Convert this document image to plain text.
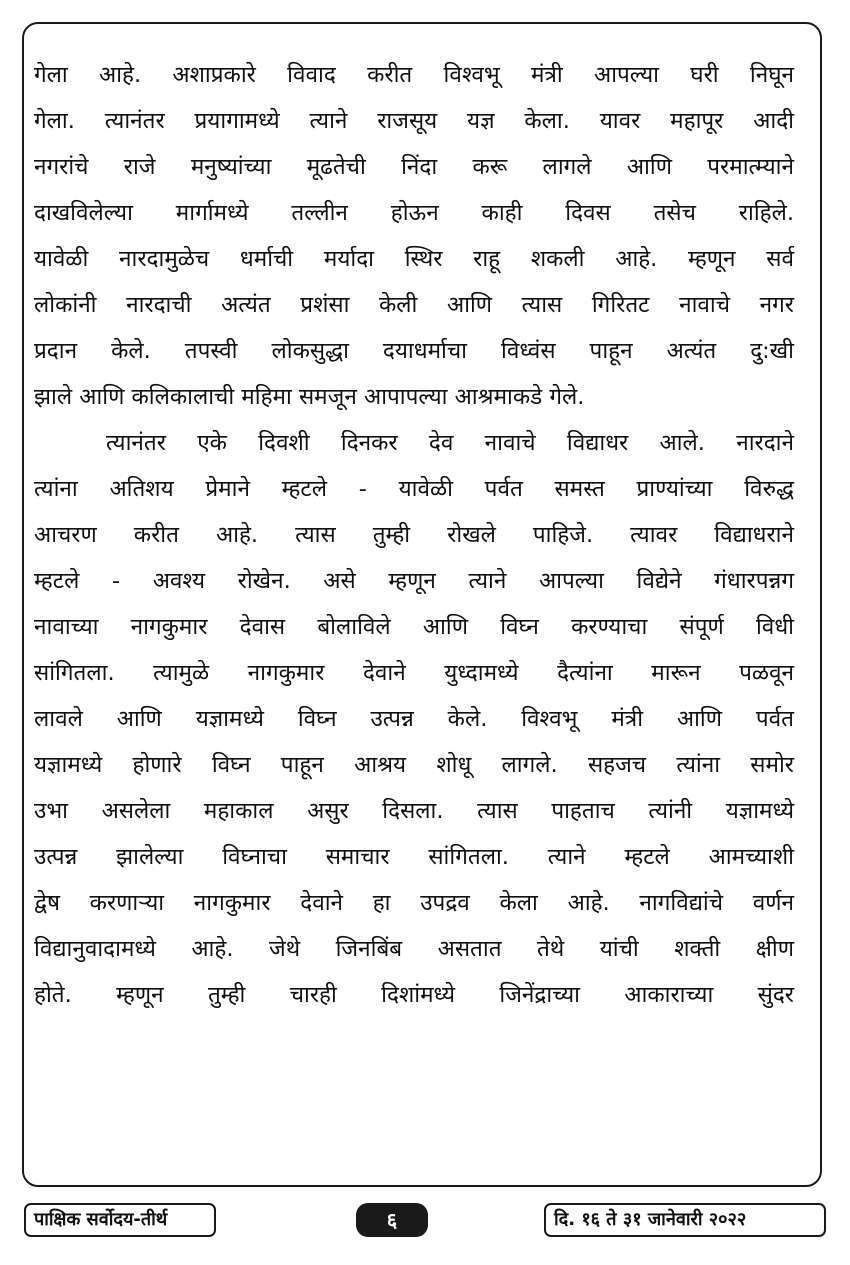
गेला आहे. अशाप्रकारे विवाद करीत विश्वभू मंत्री आपल्या घरी निघून
गेला. त्यानंतर प्रयागामध्ये त्याने राजसूय यज्ञ केला. यावर महापूर आदी
नगरांचे राजे मनुष्यांच्या मूढतेची निंदा करू लागले आणि परमात्म्याने
दाखविलेल्या मार्गामध्ये तल्लीन होऊन काही दिवस तसेच राहिले.
यावेळी नारदामुळेच धर्माची मर्यादा स्थिर राहू शकली आहे. म्हणून सर्व
लोकांनी नारदाची अत्यंत प्रशंसा केली आणि त्यास गिरितट नावाचे नगर
प्रदान केले. तपस्वी लोकसुद्धा दयाधर्माचा विध्वंस पाहून अत्यंत दु:खी
झाले आणि कलिकालाची महिमा समजून आपापल्या आश्रमाकडे गेले.
त्यानंतर एके दिवशी दिनकर देव नावाचे विद्याधर आले. नारदाने
त्यांना अतिशय प्रेमाने म्हटले - यावेळी पर्वत समस्त प्राण्यांच्या विरुद्ध
आचरण करीत आहे. त्यास तुम्ही रोखले पाहिजे. त्यावर विद्याधराने
म्हटले - अवश्य रोखेन. असे म्हणून त्याने आपल्या विद्येने गंधारपन्नग
नावाच्या नागकुमार देवास बोलाविले आणि विघ्न करण्याचा संपूर्ण विधी
सांगितला. त्यामुळे नागकुमार देवाने युध्दामध्ये दैत्यांना मारून पळवून
लावले आणि यज्ञामध्ये विघ्न उत्पन्न केले. विश्वभू मंत्री आणि पर्वत
यज्ञामध्ये होणारे विघ्न पाहून आश्रय शोधू लागले. सहजच त्यांना समोर
उभा असलेला महाकाल असुर दिसला. त्यास पाहताच त्यांनी यज्ञामध्ये
उत्पन्न झालेल्या विघ्नाचा समाचार सांगितला. त्याने म्हटले आमच्याशी
द्वेष करणाऱ्या नागकुमार देवाने हा उपद्रव केला आहे. नागविद्यांचे वर्णन
विद्यानुवादामध्ये आहे. जेथे जिनबिंब असतात तेथे यांची शक्ती क्षीण
होते. म्हणून तुम्ही चारही दिशांमध्ये जिनेंद्राच्या आकाराच्या सुंदर
पाक्षिक सर्वोदय-तीर्थ	६	दि. १६ ते ३१ जानेवारी २०२२
